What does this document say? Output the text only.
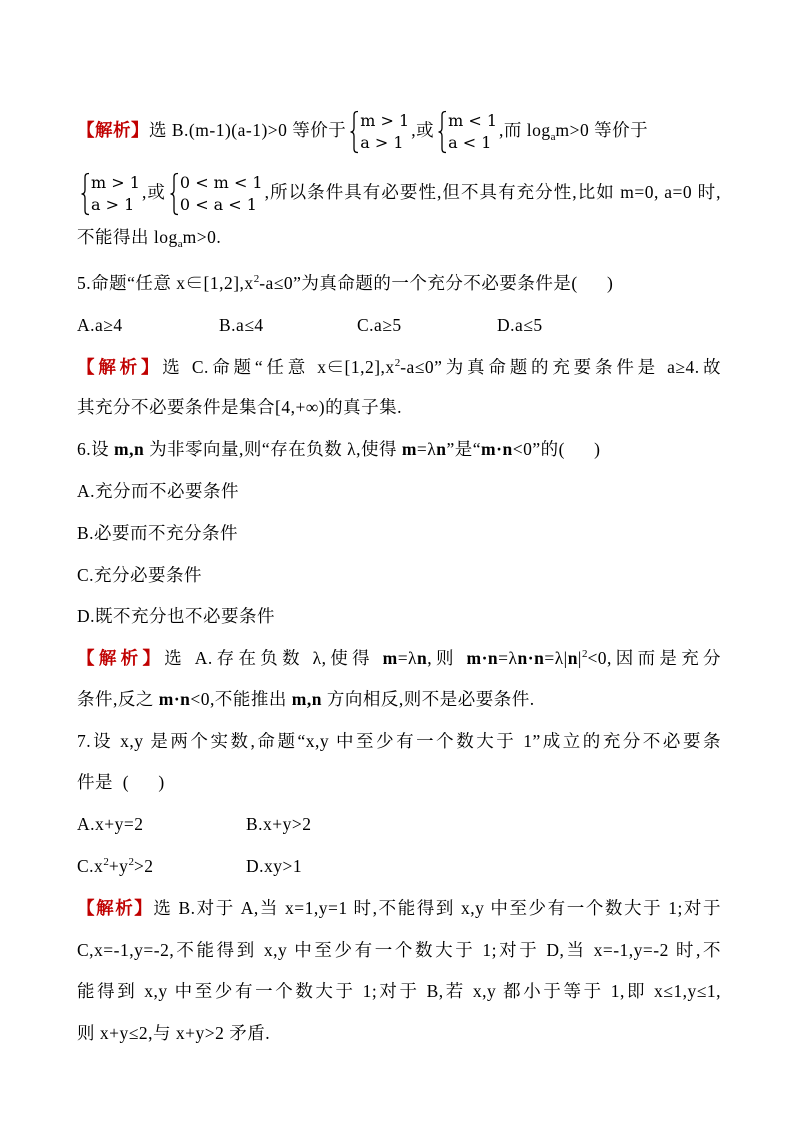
【解析】选 B.(m-1)(a-1)>0 等价于 m > 1
a > 1
,或 m < 1
a < 1
,而 $\log_am>0$ 等价于
m > 1
a > 1
,或 0 < m < 1
0 < a < 1
,所以条件具有必要性,但不具有充分性,比如 m=0, a=0 时,
不能得出 $\log_am>0$.
5.命题“任意 $x\in[1,2],x^2-a\le 0$”为真命题的一个充分不必要条件是(      )
A.a≥4	B.a≤4	C.a≥5	D.a≤5
【解析】选 C.命题“任意 $x\in[1,2],x^2-a\le 0$”为真命题的充要条件是 a≥4.故
其充分不必要条件是集合[4,+∞)的真子集.
6.设 m,n 为非零向量,则“存在负数 λ,使得 m=λn”是“m·n<0”的(      )
A.充分而不必要条件
B.必要而不充分条件
C.充分必要条件
D.既不充分也不必要条件
【解析】选 A.存在负数 λ,使得 m=λn,则 $m\cdot n=\lambda n\cdot n=\lambda|n|^2<0$,因而是充分
条件,反之 m·n<0,不能推出 m,n 方向相反,则不是必要条件.
7.设 x,y 是两个实数,命题“x,y 中至少有一个数大于 1”成立的充分不必要条
件是  (      )
A.x+y=2	B.x+y>2
$C.x^2+y^2>2$	D.xy>1
【解析】选 B.对于 A,当 x=1,y=1 时,不能得到 x,y 中至少有一个数大于 1;对于
C,x=-1,y=-2,不能得到 x,y 中至少有一个数大于 1;对于 D,当 x=-1,y=-2 时,不
能得到 x,y 中至少有一个数大于 1;对于 B,若 x,y 都小于等于 1,即 x≤1,y≤1,
则 x+y≤2,与 x+y>2 矛盾.
